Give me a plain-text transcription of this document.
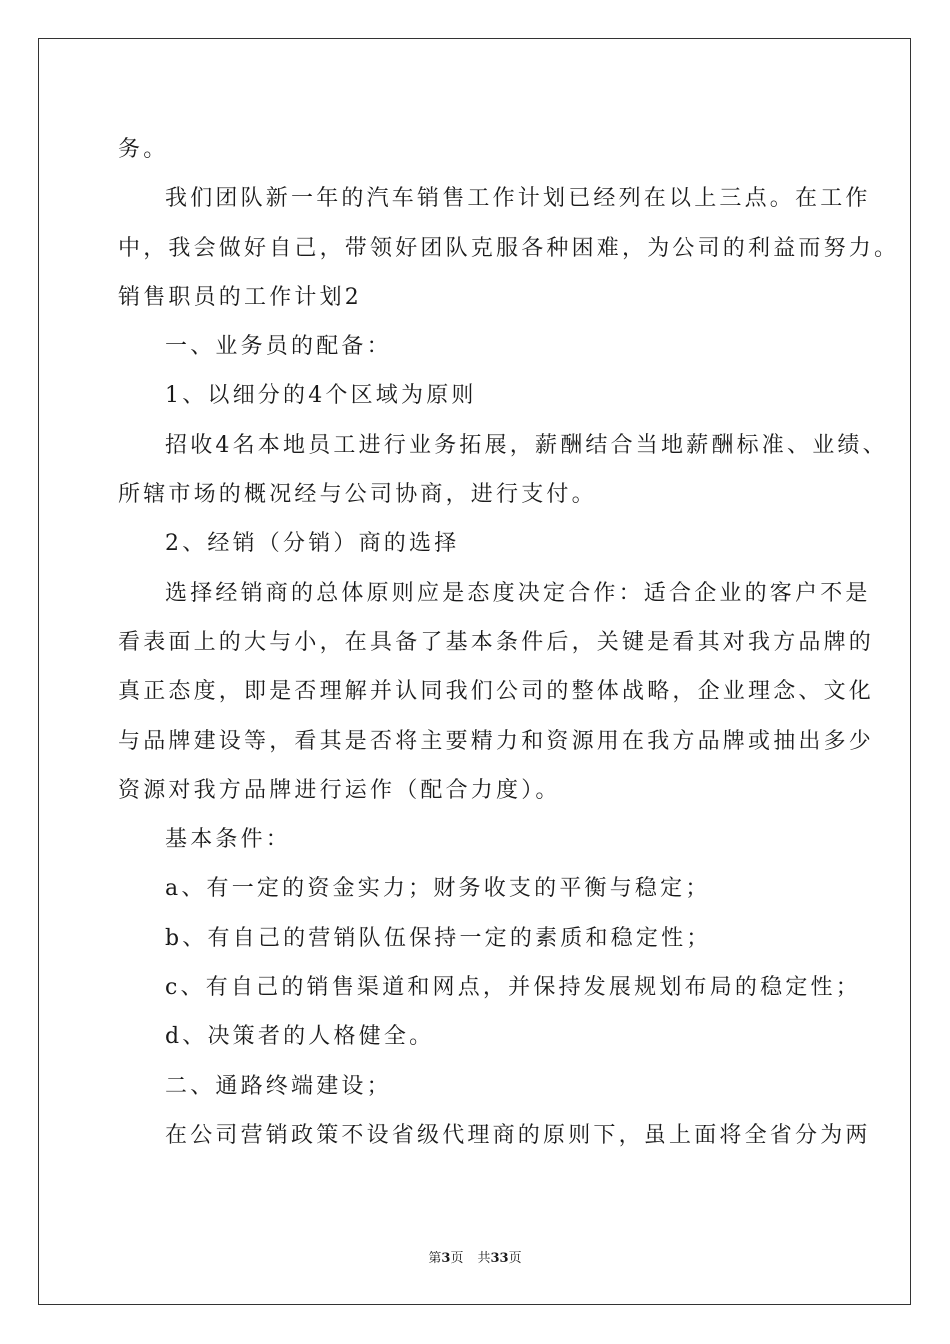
务。
我们团队新一年的汽车销售工作计划已经列在以上三点。在工作
中，我会做好自己，带领好团队克服各种困难，为公司的利益而努力。
销售职员的工作计划2
一、业务员的配备：
1、以细分的4个区域为原则
招收4名本地员工进行业务拓展，薪酬结合当地薪酬标准、业绩、
所辖市场的概况经与公司协商，进行支付。
2、经销（分销）商的选择
选择经销商的总体原则应是态度决定合作：适合企业的客户不是
看表面上的大与小，在具备了基本条件后，关键是看其对我方品牌的
真正态度，即是否理解并认同我们公司的整体战略，企业理念、文化
与品牌建设等，看其是否将主要精力和资源用在我方品牌或抽出多少
资源对我方品牌进行运作（配合力度）。
基本条件：
a、有一定的资金实力；财务收支的平衡与稳定；
b、有自己的营销队伍保持一定的素质和稳定性；
c、有自己的销售渠道和网点，并保持发展规划布局的稳定性；
d、决策者的人格健全。
二、通路终端建设；
在公司营销政策不设省级代理商的原则下，虽上面将全省分为两
第3页 共33页
